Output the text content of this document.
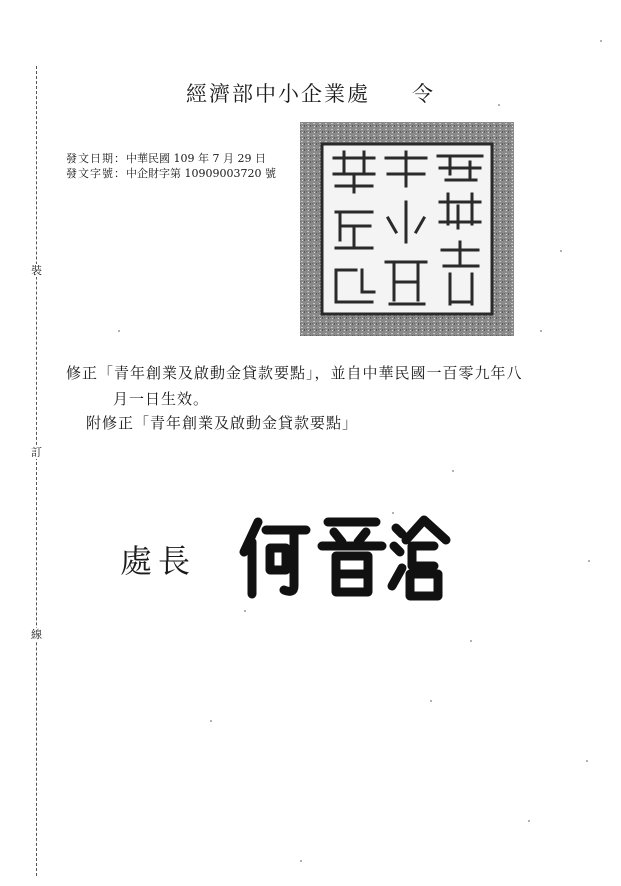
裝
訂
線
經濟部中小企業處 令
發文日期：中華民國 109 年 7 月 29 日
發文字號：中企財字第 10909003720 號
修正「青年創業及啟動金貸款要點」，並自中華民國一百零九年八
月一日生效。
附修正「青年創業及啟動金貸款要點」
處長
